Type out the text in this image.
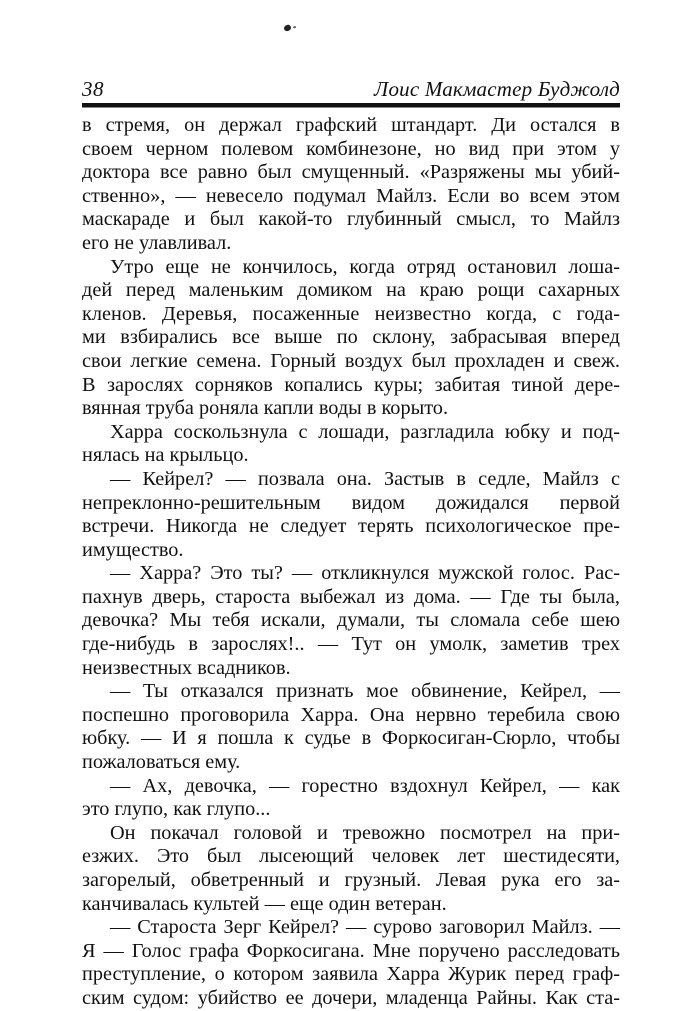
38	Лоис Макмастер Буджолд

в стремя, он держал графский штандарт. Ди остался в
своем черном полевом комбинезоне, но вид при этом у
доктора все равно был смущенный. «Разряжены мы убий-
ственно», — невесело подумал Майлз. Если во всем этом
маскараде и был какой-то глубинный смысл, то Майлз
его не улавливал.

Утро еще не кончилось, когда отряд остановил лоша-
дей перед маленьким домиком на краю рощи сахарных
кленов. Деревья, посаженные неизвестно когда, с года-
ми взбирались все выше по склону, забрасывая вперед
свои легкие семена. Горный воздух был прохладен и свеж.
В зарослях сорняков копались куры; забитая тиной дере-
вянная труба роняла капли воды в корыто.

Харра соскользнула с лошади, разгладила юбку и под-
нялась на крыльцо.

— Кейрел? — позвала она. Застыв в седле, Майлз с
непреклонно-решительным видом дожидался первой
встречи. Никогда не следует терять психологическое пре-
имущество.

— Харра? Это ты? — откликнулся мужской голос. Рас-
пахнув дверь, староста выбежал из дома. — Где ты была,
девочка? Мы тебя искали, думали, ты сломала себе шею
где-нибудь в зарослях!.. — Тут он умолк, заметив трех
неизвестных всадников.

— Ты отказался признать мое обвинение, Кейрел, —
поспешно проговорила Харра. Она нервно теребила свою
юбку. — И я пошла к судье в Форкосиган-Сюрло, чтобы
пожаловаться ему.

— Ах, девочка, — горестно вздохнул Кейрел, — как
это глупо, как глупо...

Он покачал головой и тревожно посмотрел на при-
езжих. Это был лысеющий человек лет шестидесяти,
загорелый, обветренный и грузный. Левая рука его за-
канчивалась культей — еще один ветеран.

— Староста Зерг Кейрел? — сурово заговорил Майлз. —
Я — Голос графа Форкосигана. Мне поручено расследовать
преступление, о котором заявила Харра Журик перед граф-
ским судом: убийство ее дочери, младенца Райны. Как ста-
